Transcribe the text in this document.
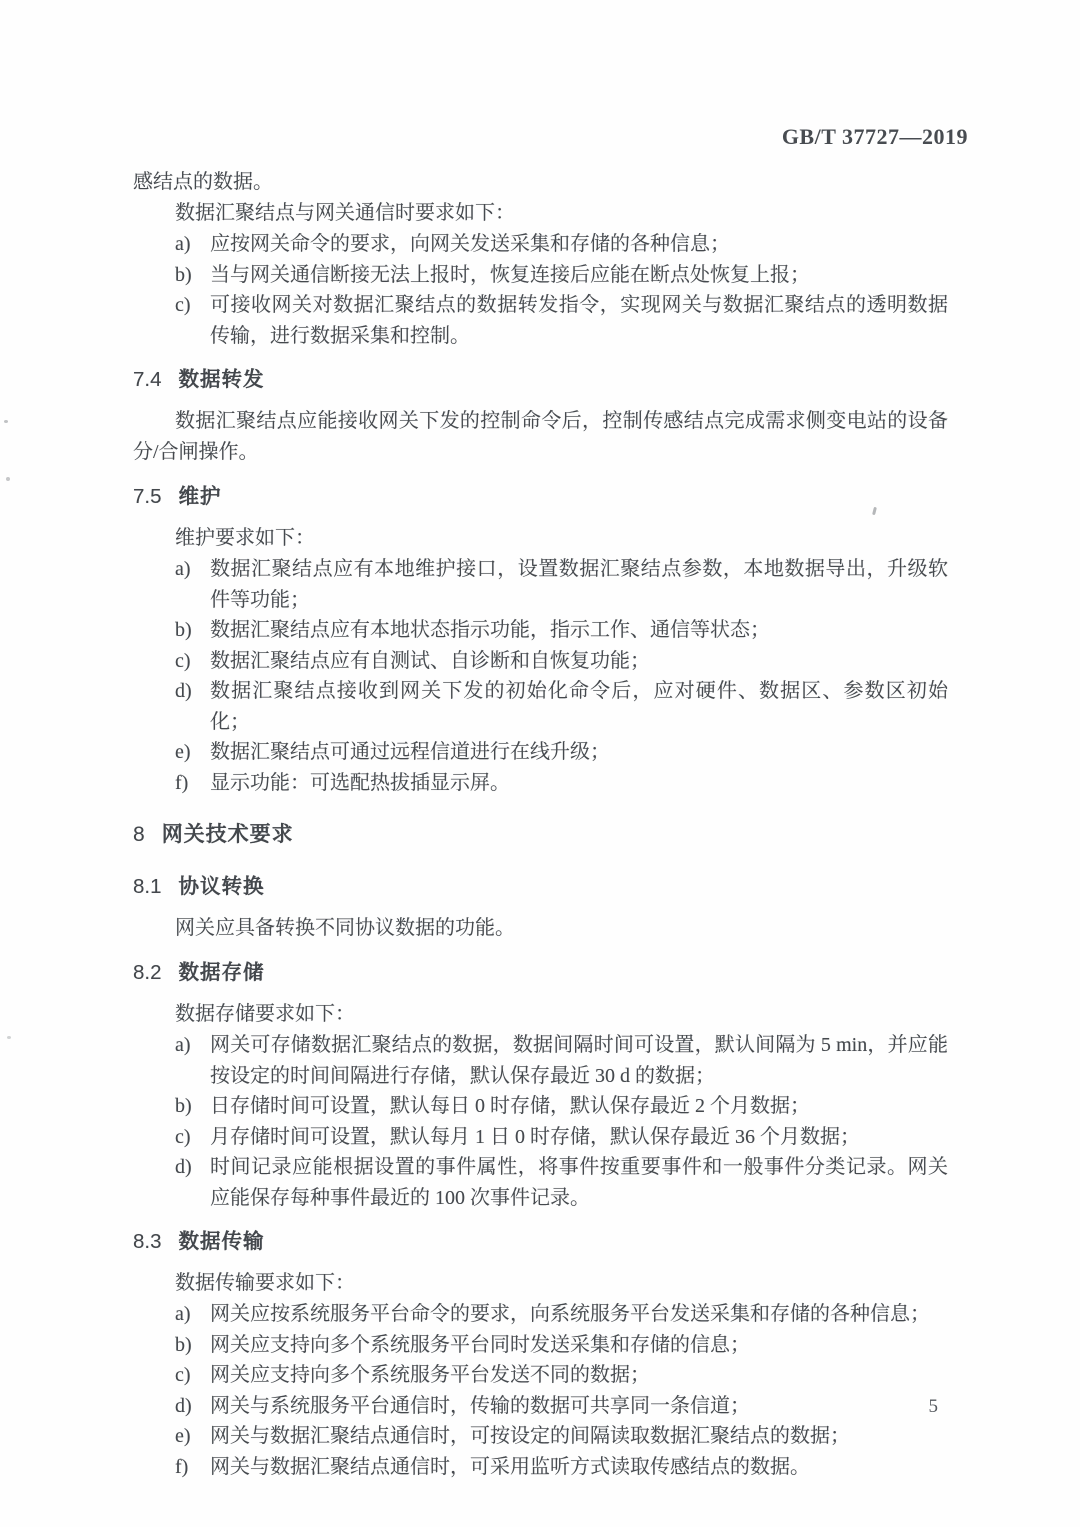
GB/T 37727—2019

感结点的数据。

数据汇聚结点与网关通信时要求如下：

a) 应按网关命令的要求，向网关发送采集和存储的各种信息；
b) 当与网关通信断接无法上报时，恢复连接后应能在断点处恢复上报；
c) 可接收网关对数据汇聚结点的数据转发指令，实现网关与数据汇聚结点的透明数据传输，进行数据采集和控制。
7.4 数据转发

数据汇聚结点应能接收网关下发的控制命令后，控制传感结点完成需求侧变电站的设备分/合闸操作。

7.5 维护

维护要求如下：

a) 数据汇聚结点应有本地维护接口，设置数据汇聚结点参数，本地数据导出，升级软件等功能；
b) 数据汇聚结点应有本地状态指示功能，指示工作、通信等状态；
c) 数据汇聚结点应有自测试、自诊断和自恢复功能；
d) 数据汇聚结点接收到网关下发的初始化命令后，应对硬件、数据区、参数区初始化；
e) 数据汇聚结点可通过远程信道进行在线升级；
f) 显示功能：可选配热拔插显示屏。
8 网关技术要求
8.1 协议转换

网关应具备转换不同协议数据的功能。

8.2 数据存储

数据存储要求如下：

a) 网关可存储数据汇聚结点的数据，数据间隔时间可设置，默认间隔为 5 min，并应能按设定的时间间隔进行存储，默认保存最近 30 d 的数据；
b) 日存储时间可设置，默认每日 0 时存储，默认保存最近 2 个月数据；
c) 月存储时间可设置，默认每月 1 日 0 时存储，默认保存最近 36 个月数据；
d) 时间记录应能根据设置的事件属性，将事件按重要事件和一般事件分类记录。网关应能保存每种事件最近的 100 次事件记录。
8.3 数据传输

数据传输要求如下：

a) 网关应按系统服务平台命令的要求，向系统服务平台发送采集和存储的各种信息；
b) 网关应支持向多个系统服务平台同时发送采集和存储的信息；
c) 网关应支持向多个系统服务平台发送不同的数据；
d) 网关与系统服务平台通信时，传输的数据可共享同一条信道；
e) 网关与数据汇聚结点通信时，可按设定的间隔读取数据汇聚结点的数据；
f) 网关与数据汇聚结点通信时，可采用监听方式读取传感结点的数据。
5
